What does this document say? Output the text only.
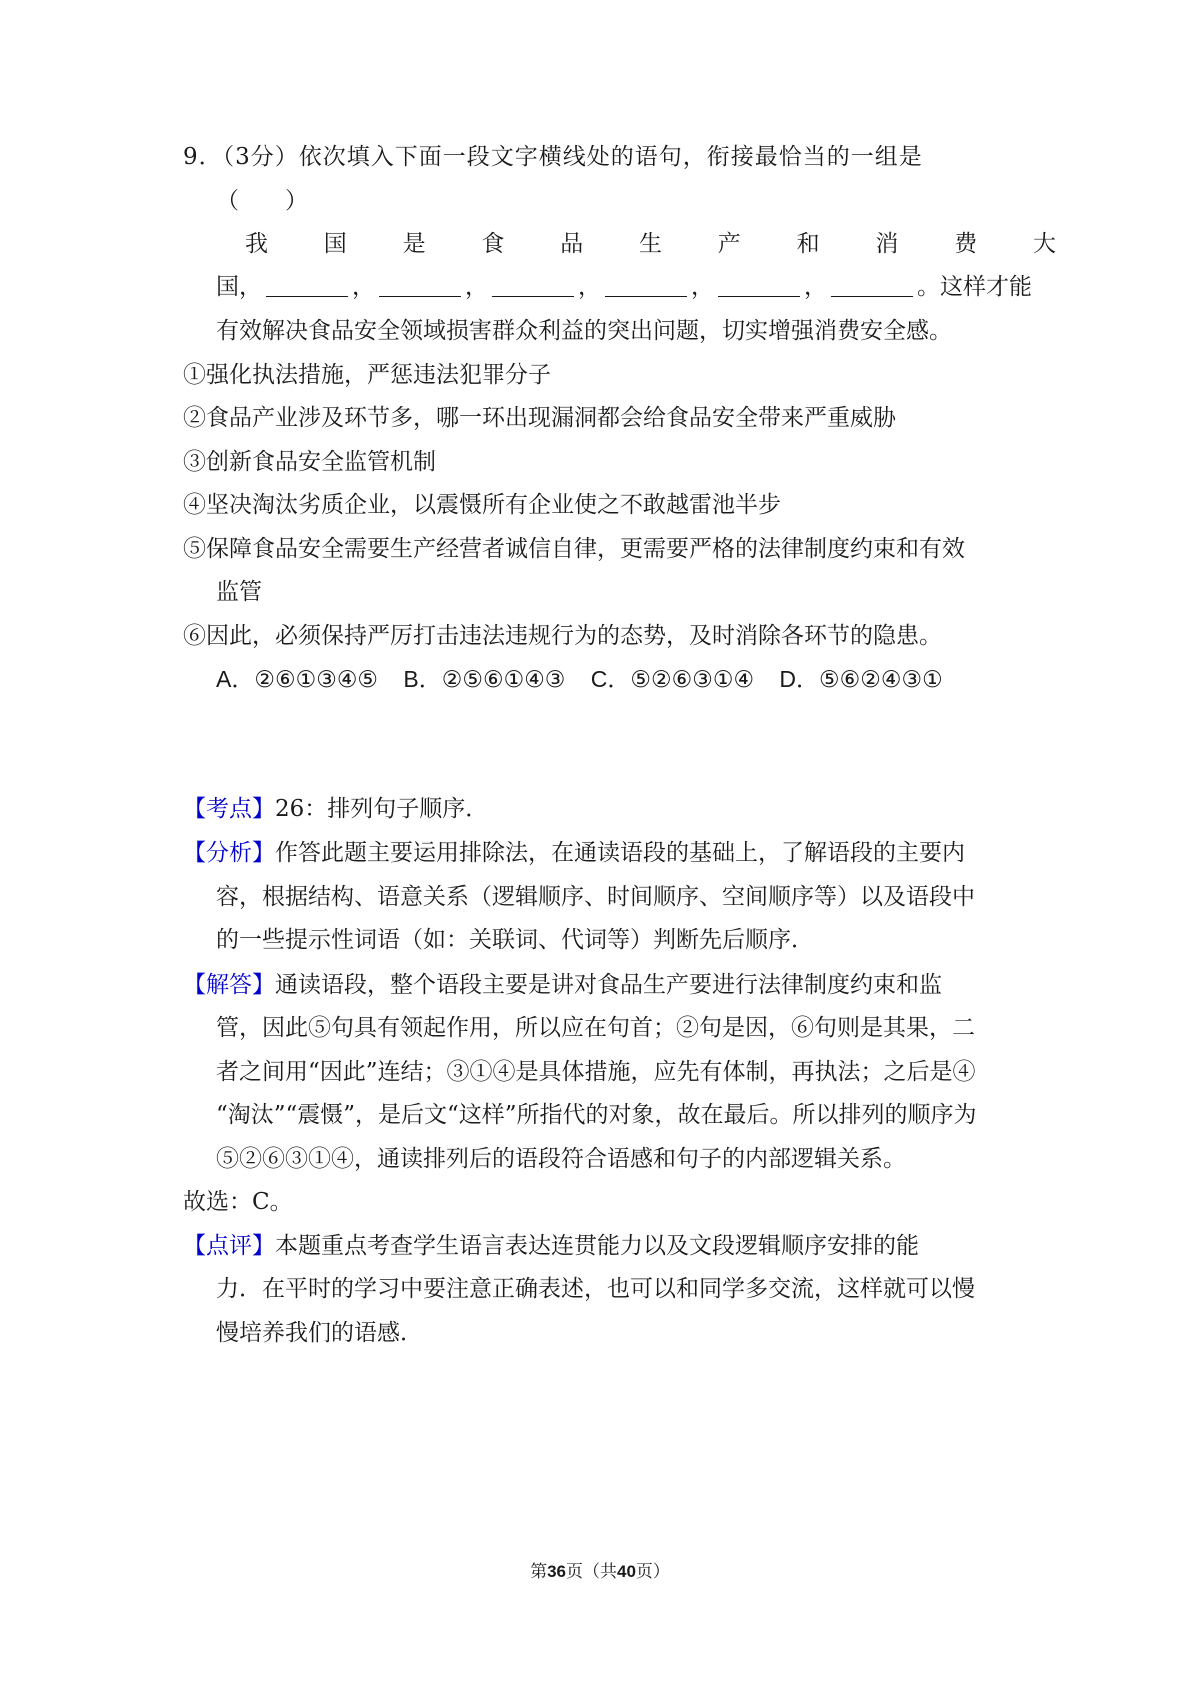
9．（3分）依次填入下面一段文字横线处的语句，衔接最恰当的一组是
（　　）
我 国 是 食 品 生 产 和 消 费 大
国，	，	，	，	，	，	。这样才能
有效解决食品安全领域损害群众利益的突出问题，切实增强消费安全感。
①强化执法措施，严惩违法犯罪分子
②食品产业涉及环节多，哪一环出现漏洞都会给食品安全带来严重威胁
③创新食品安全监管机制
④坚决淘汰劣质企业，以震慑所有企业使之不敢越雷池半步
⑤保障食品安全需要生产经营者诚信自律，更需要严格的法律制度约束和有效
监管
⑥因此，必须保持严厉打击违法违规行为的态势，及时消除各环节的隐患。
A．②⑥①③④⑤ B．②⑤⑥①④③ C．⑤②⑥③①④ D．⑤⑥②④③①
【考点】26：排列句子顺序．
【分析】作答此题主要运用排除法，在通读语段的基础上，了解语段的主要内
容，根据结构、语意关系（逻辑顺序、时间顺序、空间顺序等）以及语段中
的一些提示性词语（如：关联词、代词等）判断先后顺序．
【解答】通读语段，整个语段主要是讲对食品生产要进行法律制度约束和监
管，因此⑤句具有领起作用，所以应在句首；②句是因，⑥句则是其果，二
者之间用“因此”连结；③①④是具体措施，应先有体制，再执法；之后是④
“淘汰”“震慑”，是后文“这样”所指代的对象，故在最后。所以排列的顺序为
⑤②⑥③①④，通读排列后的语段符合语感和句子的内部逻辑关系。
故选：C。
【点评】本题重点考查学生语言表达连贯能力以及文段逻辑顺序安排的能
力．在平时的学习中要注意正确表述，也可以和同学多交流，这样就可以慢
慢培养我们的语感．
第36页（共40页）
